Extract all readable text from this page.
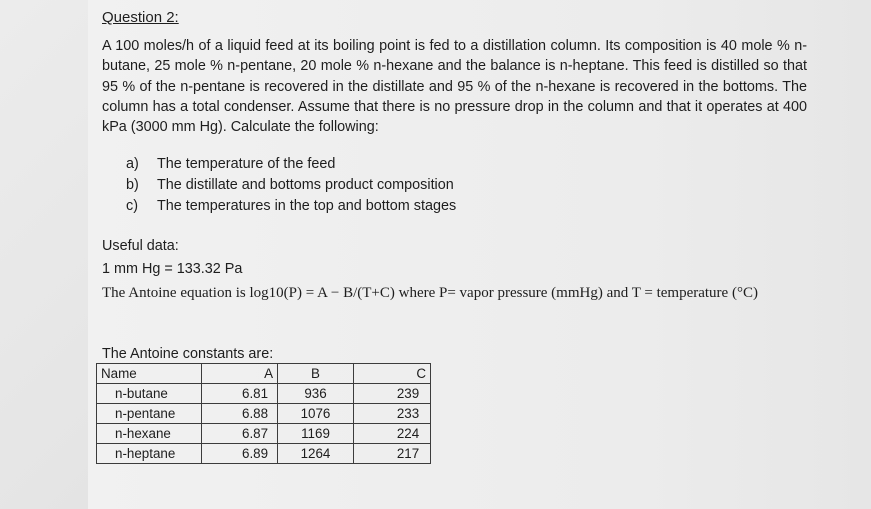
Question 2:
A 100 moles/h of a liquid feed at its boiling point is fed to a distillation column. Its composition is 40 mole % n-butane, 25 mole % n-pentane, 20 mole % n-hexane and the balance is n-heptane. This feed is distilled so that 95 % of the n-pentane is recovered in the distillate and 95 % of the n-hexane is recovered in the bottoms. The column has a total condenser. Assume that there is no pressure drop in the column and that it operates at 400 kPa (3000 mm Hg). Calculate the following:
a)	The temperature of the feed
b)	The distillate and bottoms product composition
c)	The temperatures in the top and bottom stages
Useful data:
1 mm Hg = 133.32 Pa
The Antoine equation is log10(P) = A − B/(T+C) where P= vapor pressure (mmHg) and T = temperature (°C)
The Antoine constants are:
Name	A	B	C
n-butane	6.81	936	239
n-pentane	6.88	1076	233
n-hexane	6.87	1169	224
n-heptane	6.89	1264	217
